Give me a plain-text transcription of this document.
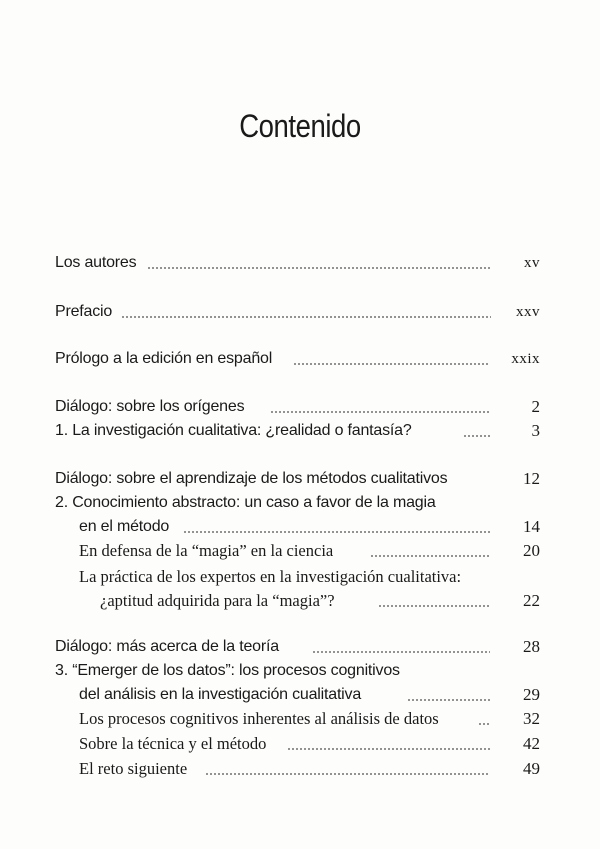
Contenido
Los autores	xv
Prefacio	xxv
Prólogo a la edición en español	xxix
Diálogo: sobre los orígenes	2
1. La investigación cualitativa: ¿realidad o fantasía?	3
Diálogo: sobre el aprendizaje de los métodos cualitativos	12
2. Conocimiento abstracto: un caso a favor de la magia
en el método	14
En defensa de la “magia” en la ciencia	20
La práctica de los expertos en la investigación cualitativa:
¿aptitud adquirida para la “magia”?	22
Diálogo: más acerca de la teoría	28
3. “Emerger de los datos”: los procesos cognitivos
del análisis en la investigación cualitativa	29
Los procesos cognitivos inherentes al análisis de datos	32
Sobre la técnica y el método	42
El reto siguiente	49
